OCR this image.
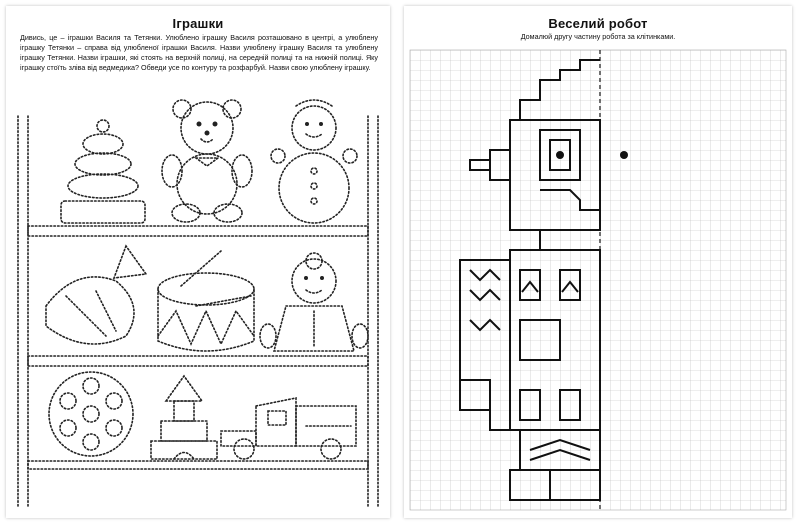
Іграшки
Дивись, це – іграшки Василя та Тетянки. Улюблено іграшку Василя розташовано в центрі, а улюблену іграшку Тетянки – справа від улюбленої іграшки Василя. Назви улюблену іграшку Василя та улюблену іграшку Тетянки. Назви іграшки, які стоять на верхній полиці, на середній полиці та на нижній полиці. Яку іграшку стоїть зліва від ведмедика? Обведи усе по контуру та розфарбуй. Назви свою улюблену іграшку.
Веселий робот
Домалюй другу частину робота за клітинками.
